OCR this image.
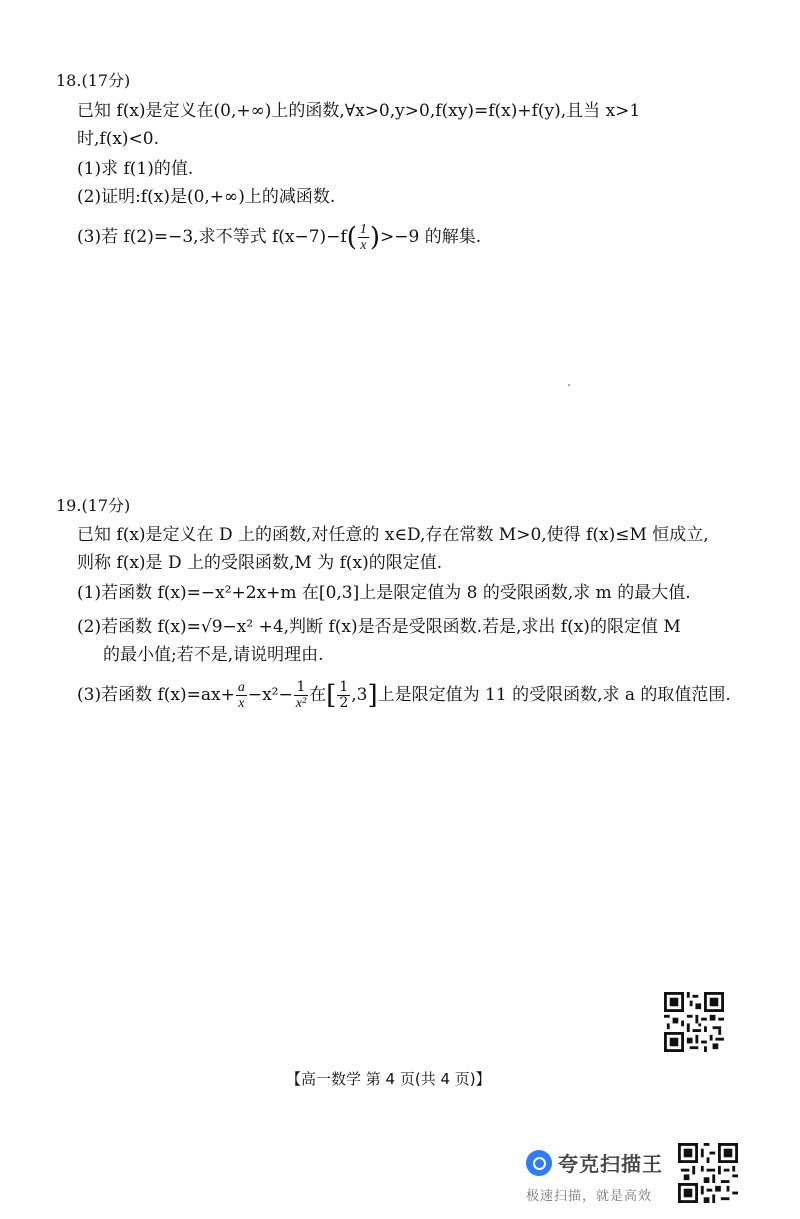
18.(17分)
已知 f(x)是定义在(0,+∞)上的函数,∀x>0,y>0,f(xy)=f(x)+f(y),且当 x>1
时,f(x)<0.
(1)求 f(1)的值.
(2)证明:f(x)是(0,+∞)上的减函数.
(3)若 f(2)=−3,求不等式 $f(x-7)-f( \frac{1}{x} )>-9$ 的解集.
19.(17分)
已知 f(x)是定义在 D 上的函数,对任意的 x∈D,存在常数 M>0,使得 f(x)≤M 恒成立,
则称 f(x)是 D 上的受限函数,M 为 f(x)的限定值.
(1)若函数 f(x)=−x²+2x+m 在[0,3]上是限定值为 8 的受限函数,求 m 的最大值.
(2)若函数 f(x)=√9−x² +4,判断 f(x)是否是受限函数.若是,求出 f(x)的限定值 M
的最小值;若不是,请说明理由.
(3)若函数 $f(x)=ax+ \frac{a}{x} -x^2- \frac{1}{\text{x²}}$ 在[ $\frac{1}{2} ,3$]上是限定值为 11 的受限函数,求 a 的取值范围.
【高一数学 第 4 页(共 4 页)】
夸克扫描王
极速扫描，就是高效
